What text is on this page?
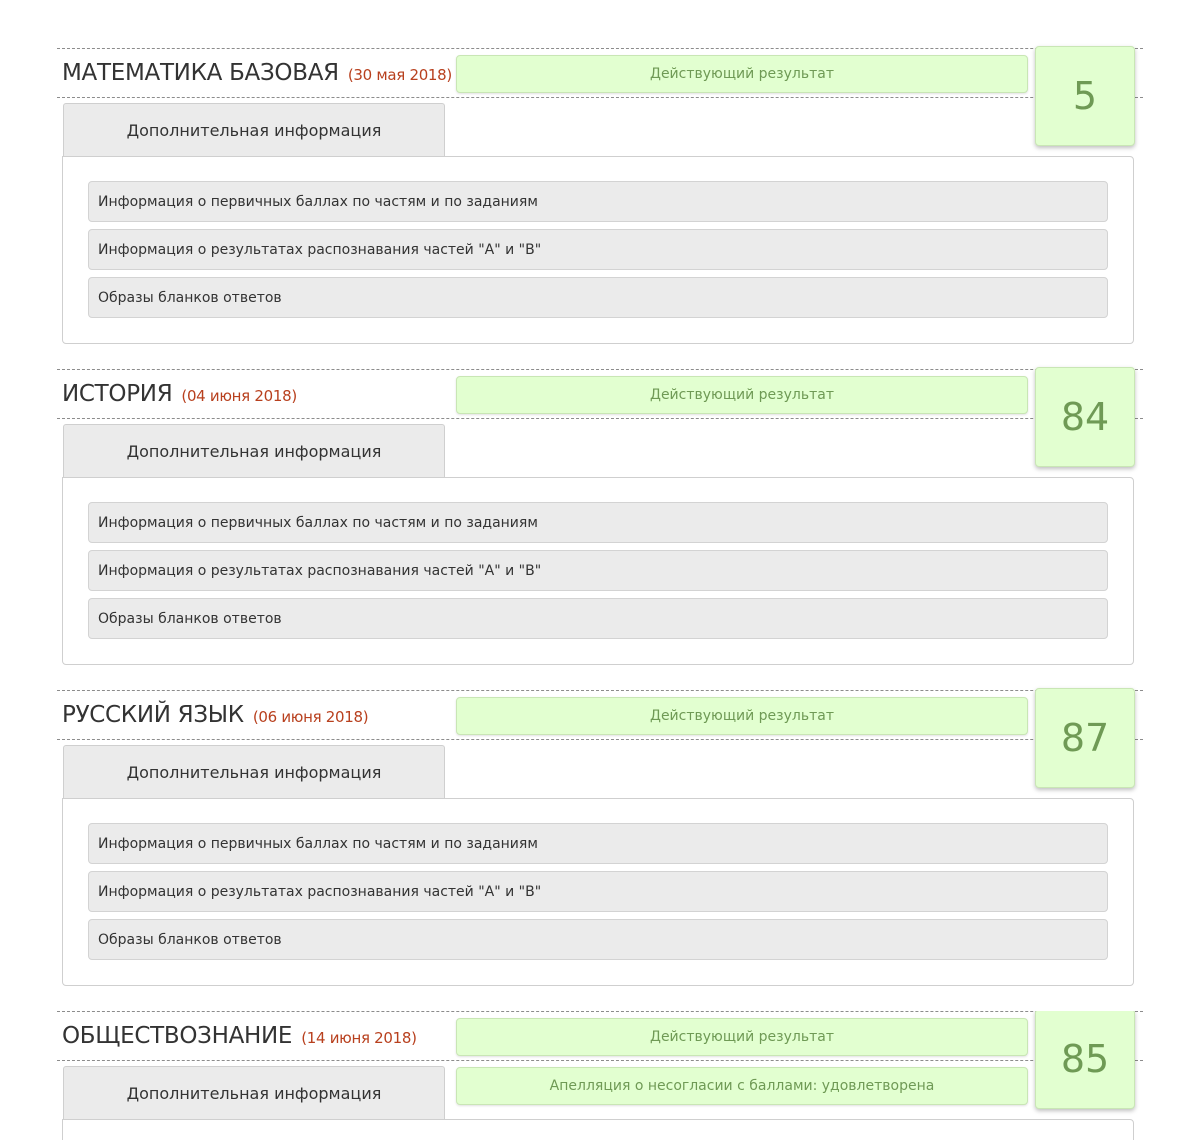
МАТЕМАТИКА БАЗОВАЯ (30 мая 2018)	Действующий результат	5
Дополнительная информация
Информация о первичных баллах по частям и по заданиям
Информация о результатах распознавания частей "А" и "В"
Образы бланков ответов
ИСТОРИЯ (04 июня 2018)	Действующий результат	84
Дополнительная информация
Информация о первичных баллах по частям и по заданиям
Информация о результатах распознавания частей "А" и "В"
Образы бланков ответов
РУССКИЙ ЯЗЫК (06 июня 2018)	Действующий результат	87
Дополнительная информация
Информация о первичных баллах по частям и по заданиям
Информация о результатах распознавания частей "А" и "В"
Образы бланков ответов
ОБЩЕСТВОЗНАНИЕ (14 июня 2018)	Действующий результат
Апелляция о несогласии с баллами: удовлетворена
85
Дополнительная информация
